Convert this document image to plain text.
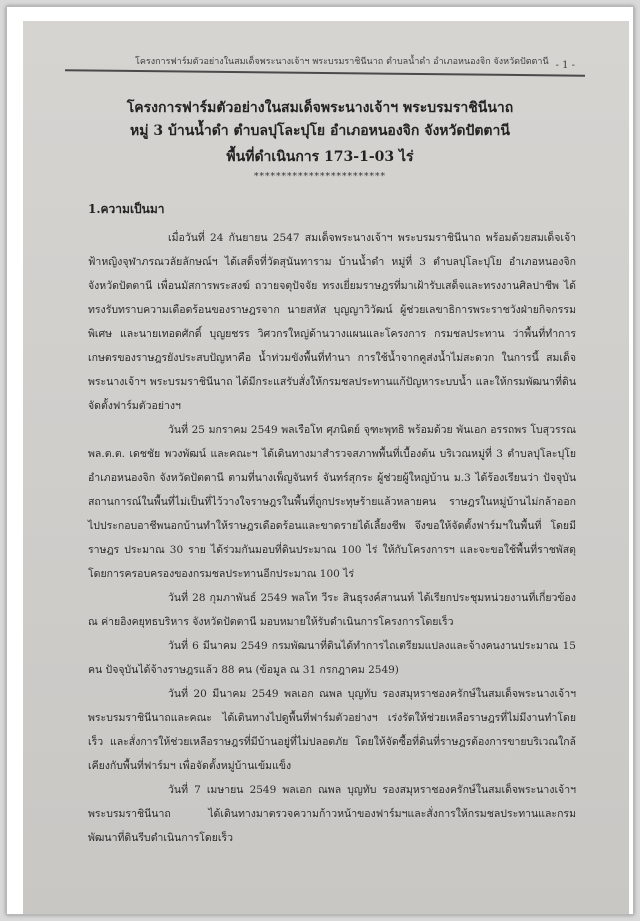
โครงการฟาร์มตัวอย่างในสมเด็จพระนางเจ้าฯ พระบรมราชินีนาถ ตำบลน้ำดำ อำเภอหนองจิก จังหวัดปัตตานี - 1 -
โครงการฟาร์มตัวอย่างในสมเด็จพระนางเจ้าฯ พระบรมราชินีนาถ
หมู่ 3 บ้านน้ำดำ ตำบลปุโละปุโย อำเภอหนองจิก จังหวัดปัตตานี
พื้นที่ดำเนินการ 173-1-03 ไร่
************************
1.ความเป็นมา

เมื่อวันที่ 24 กันยายน 2547 สมเด็จพระนางเจ้าฯ พระบรมราชินีนาถ พร้อมด้วยสมเด็จเจ้าฟ้าหญิงจุฬาภรณวลัยลักษณ์ฯ ได้เสด็จที่วัดสุนันทาราม บ้านน้ำดำ หมู่ที่ 3 ตำบลปุโละปุโย อำเภอหนองจิก จังหวัดปัตตานี เพื่อนมัสการพระสงฆ์ ถวายจตุปัจจัย ทรงเยี่ยมราษฎรที่มาเฝ้ารับเสด็จและทรงงานศิลปาชีพ ได้ทรงรับทราบความเดือดร้อนของราษฎรจาก นายสหัส บุญญาวิวัฒน์ ผู้ช่วยเลขาธิการพระราชวังฝ่ายกิจกรรมพิเศษ และนายเทอดศักดิ์ บุญยชรร วิศวกรใหญ่ด้านวางแผนและโครงการ กรมชลประทาน ว่าพื้นที่ทำการเกษตรของราษฎรยังประสบปัญหาคือ น้ำท่วมขังพื้นที่ทำนา การใช้น้ำจากคูส่งน้ำไม่สะดวก ในการนี้ สมเด็จพระนางเจ้าฯ พระบรมราชินีนาถ ได้มีกระแสรับสั่งให้กรมชลประทานแก้ปัญหาระบบน้ำ และให้กรมพัฒนาที่ดินจัดตั้งฟาร์มตัวอย่างฯ

วันที่ 25 มกราคม 2549 พลเรือโท ศุภนิตย์ จุฑะพุทธิ พร้อมด้วย พันเอก อรรถพร โบสุวรรณ พล.ต.ต. เดชชัย พวงพัฒน์ และคณะฯ ได้เดินทางมาสำรวจสภาพพื้นที่เบื้องต้น บริเวณหมู่ที่ 3 ตำบลปุโละปุโย อำเภอหนองจิก จังหวัดปัตตานี ตามที่นางเพ็ญจันทร์ จันทร์สุกระ ผู้ช่วยผู้ใหญ่บ้าน ม.3 ได้ร้องเรียนว่า ปัจจุบันสถานการณ์ในพื้นที่ไม่เป็นที่ไว้วางใจราษฎรในพื้นที่ถูกประทุษร้ายแล้วหลายคน ราษฎรในหมู่บ้านไม่กล้าออกไปประกอบอาชีพนอกบ้านทำให้ราษฎรเดือดร้อนและขาดรายได้เลี้ยงชีพ จึงขอให้จัดตั้งฟาร์มฯในพื้นที่ โดยมีราษฎร ประมาณ 30 ราย ได้ร่วมกันมอบที่ดินประมาณ 100 ไร่ ให้กับโครงการฯ และจะขอใช้พื้นที่ราชพัสดุ โดยการครอบครองของกรมชลประทานอีกประมาณ 100 ไร่

วันที่ 28 กุมภาพันธ์ 2549 พลโท วีระ สินธุรงค์สานนท์ ได้เรียกประชุมหน่วยงานที่เกี่ยวข้อง ณ ค่ายอิงคยุทธบริหาร จังหวัดปัตตานี มอบหมายให้รับดำเนินการโครงการโดยเร็ว

วันที่ 6 มีนาคม 2549 กรมพัฒนาที่ดินได้ทำการไถเตรียมแปลงและจ้างคนงานประมาณ 15 คน ปัจจุบันได้จ้างราษฎรแล้ว 88 คน (ข้อมูล ณ 31 กรกฎาคม 2549)

วันที่ 20 มีนาคม 2549 พลเอก ณพล บุญทับ รองสมุหราชองครักษ์ในสมเด็จพระนางเจ้าฯ พระบรมราชินีนาถและคณะ ได้เดินทางไปดูพื้นที่ฟาร์มตัวอย่างฯ เร่งรัดให้ช่วยเหลือราษฎรที่ไม่มีงานทำโดยเร็ว และสั่งการให้ช่วยเหลือราษฎรที่มีบ้านอยู่ที่ไม่ปลอดภัย โดยให้จัดซื้อที่ดินที่ราษฎรต้องการขายบริเวณใกล้เคียงกับพื้นที่ฟาร์มฯ เพื่อจัดตั้งหมู่บ้านเข้มแข็ง

วันที่ 7 เมษายน 2549 พลเอก ณพล บุญทับ รองสมุหราชองครักษ์ในสมเด็จพระนางเจ้าฯ พระบรมราชินีนาถ ได้เดินทางมาตรวจความก้าวหน้าของฟาร์มฯและสั่งการให้กรมชลประทานและกรมพัฒนาที่ดินรีบดำเนินการโดยเร็ว
